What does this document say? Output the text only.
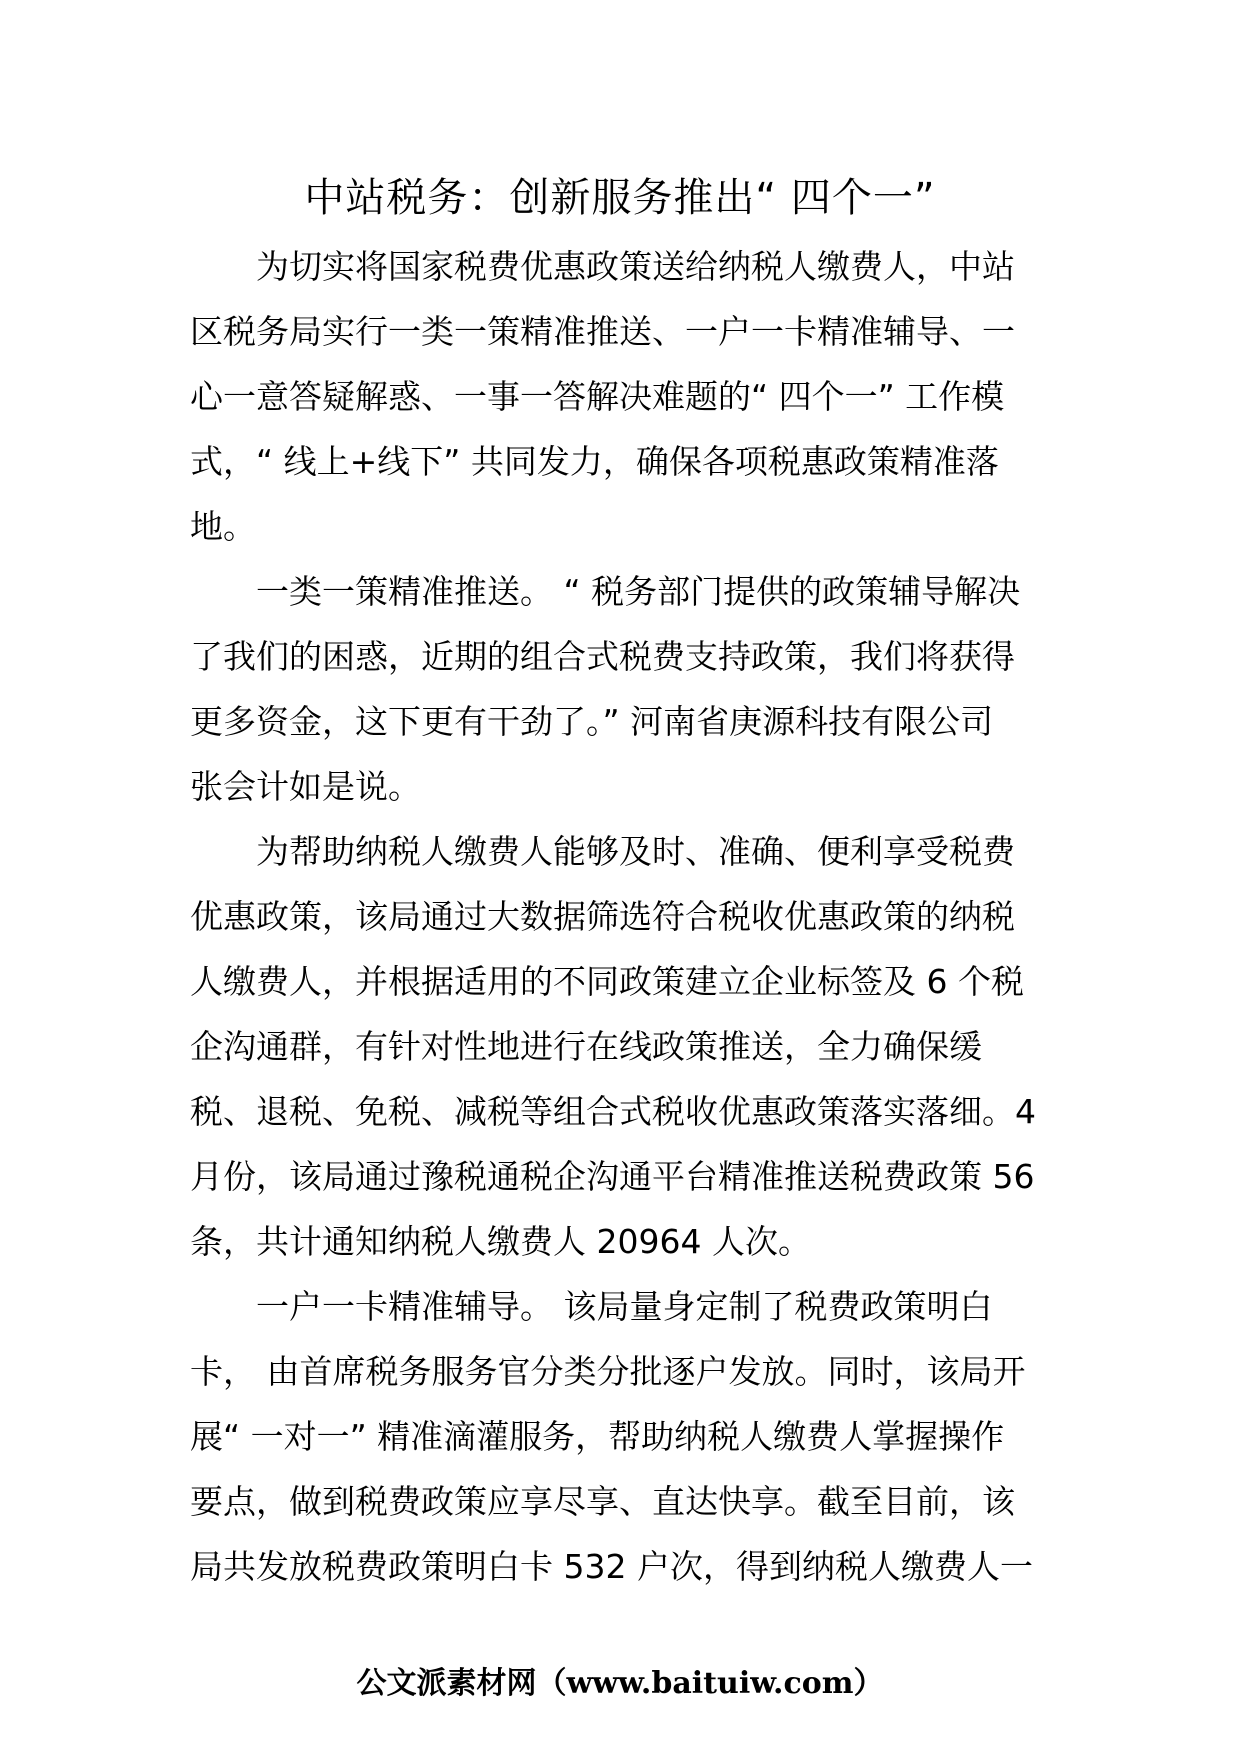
中站税务：创新服务推出“ 四个一”
为切实将国家税费优惠政策送给纳税人缴费人，中站
区税务局实行一类一策精准推送、一户一卡精准辅导、一
心一意答疑解惑、一事一答解决难题的“ 四个一” 工作模
式，“ 线上+线下” 共同发力，确保各项税惠政策精准落
地。
一类一策精准推送。 “ 税务部门提供的政策辅导解决
了我们的困惑，近期的组合式税费支持政策，我们将获得
更多资金，这下更有干劲了。” 河南省庚源科技有限公司
张会计如是说。
为帮助纳税人缴费人能够及时、准确、便利享受税费
优惠政策，该局通过大数据筛选符合税收优惠政策的纳税
人缴费人，并根据适用的不同政策建立企业标签及 6 个税
企沟通群，有针对性地进行在线政策推送，全力确保缓
税、退税、免税、减税等组合式税收优惠政策落实落细。4
月份，该局通过豫税通税企沟通平台精准推送税费政策 56
条，共计通知纳税人缴费人 20964 人次。
一户一卡精准辅导。 该局量身定制了税费政策明白
卡， 由首席税务服务官分类分批逐户发放。同时，该局开
展“ 一对一” 精准滴灌服务，帮助纳税人缴费人掌握操作
要点，做到税费政策应享尽享、直达快享。截至目前，该
局共发放税费政策明白卡 532 户次，得到纳税人缴费人一
公文派素材网（www.baituiw.com）
